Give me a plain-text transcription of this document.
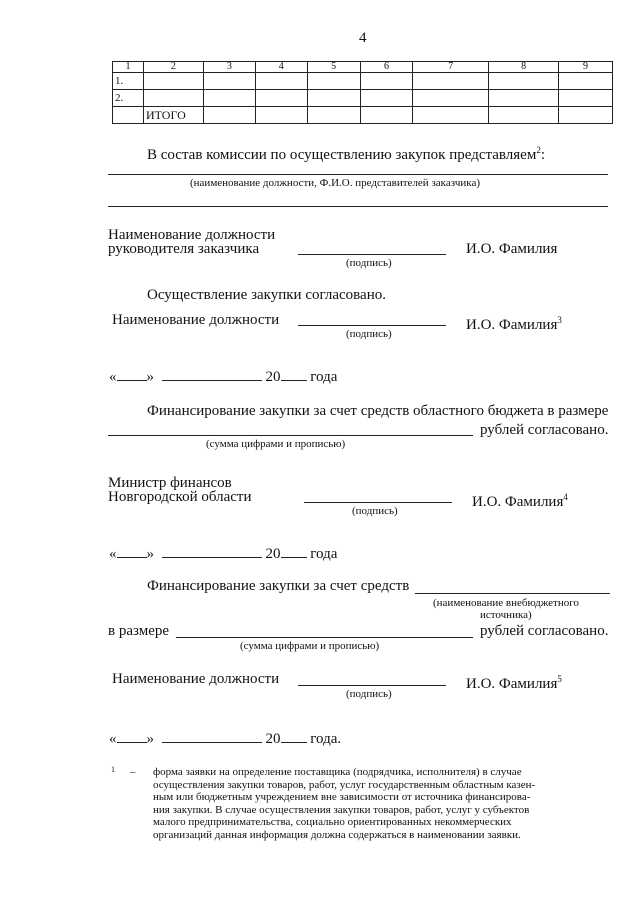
4
1	2	3	4	5	6	7	8	9
1.								
2.								
	ИТОГО							
В состав комиссии по осуществлению закупок представляем$^2$:
(наименование должности, Ф.И.О. представителей заказчика)
Наименование должности
руководителя заказчика
(подпись)
И.О. Фамилия
Осуществление закупки согласовано.
Наименование должности
(подпись)
И.О. Фамилия$^3$
« »	20 года
Финансирование закупки за счет средств областного бюджета в размере
рублей согласовано.
(сумма цифрами и прописью)
Министр финансов
Новгородской области
(подпись)
И.О. Фамилия$^4$
« »	20 года
Финансирование закупки за счет средств
(наименование внебюджетного
источника)
в размере	рублей согласовано.
(сумма цифрами и прописью)
Наименование должности
(подпись)
И.О. Фамилия$^5$
« »	20 года.
1 – форма заявки на определение поставщика (подрядчика, исполнителя) в случае
осуществления закупки товаров, работ, услуг государственным областным казен-
ным или бюджетным учреждением вне зависимости от источника финансирова-
ния закупки. В случае осуществления закупки товаров, работ, услуг у субъектов
малого предпринимательства, социально ориентированных некоммерческих
организаций данная информация должна содержаться в наименовании заявки.
